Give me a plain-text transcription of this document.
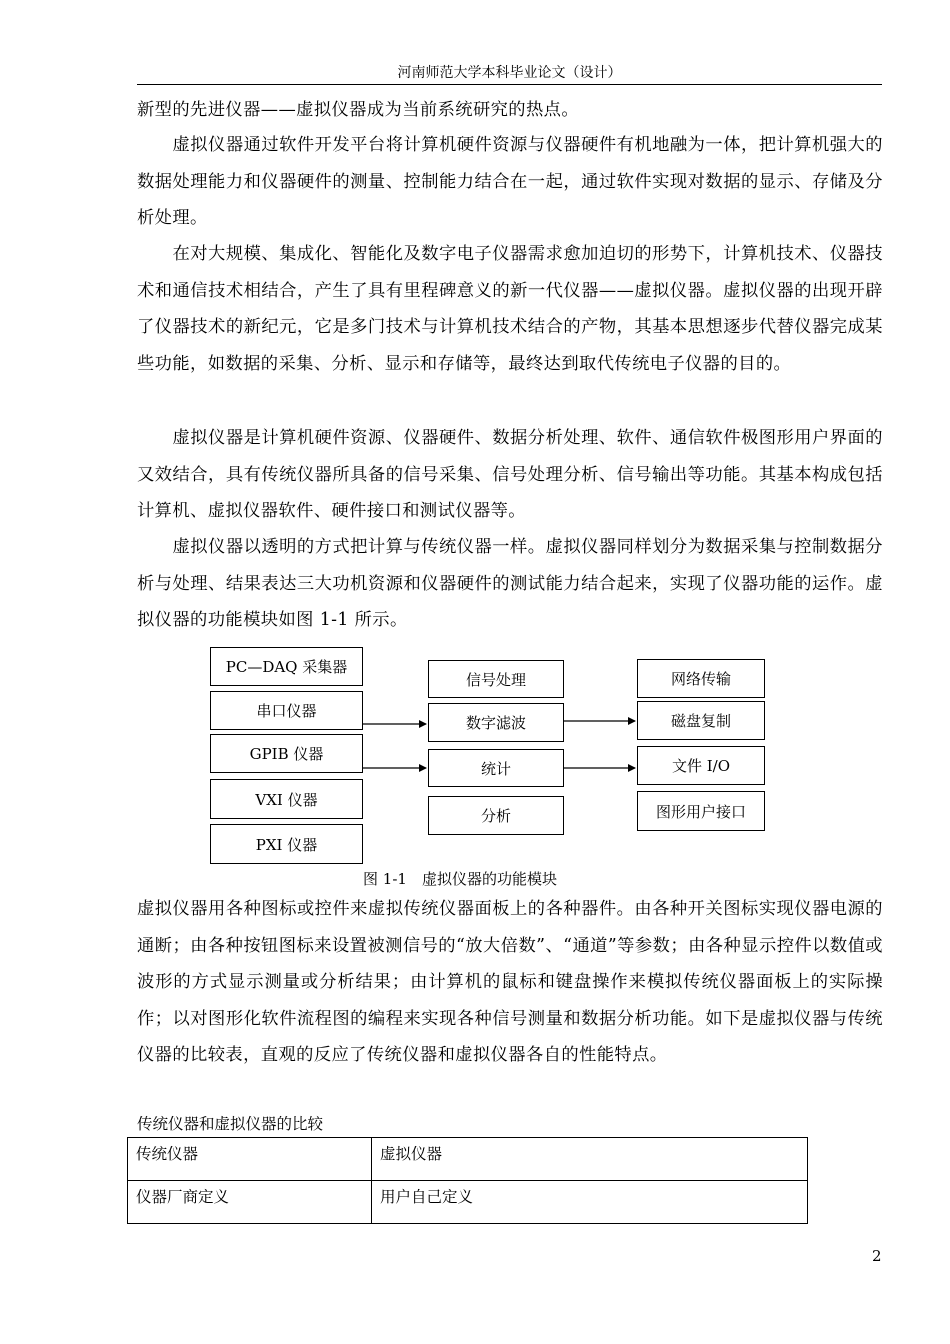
河南师范大学本科毕业论文（设计）

新型的先进仪器——虚拟仪器成为当前系统研究的热点。

　　虚拟仪器通过软件开发平台将计算机硬件资源与仪器硬件有机地融为一体，把计算机强大的数据处理能力和仪器硬件的测量、控制能力结合在一起，通过软件实现对数据的显示、存储及分析处理。

　　在对大规模、集成化、智能化及数字电子仪器需求愈加迫切的形势下，计算机技术、仪器技术和通信技术相结合，产生了具有里程碑意义的新一代仪器——虚拟仪器。虚拟仪器的出现开辟了仪器技术的新纪元，它是多门技术与计算机技术结合的产物，其基本思想逐步代替仪器完成某些功能，如数据的采集、分析、显示和存储等，最终达到取代传统电子仪器的目的。

　　虚拟仪器是计算机硬件资源、仪器硬件、数据分析处理、软件、通信软件极图形用户界面的又效结合，具有传统仪器所具备的信号采集、信号处理分析、信号输出等功能。其基本构成包括计算机、虚拟仪器软件、硬件接口和测试仪器等。

　　虚拟仪器以透明的方式把计算与传统仪器一样。虚拟仪器同样划分为数据采集与控制数据分析与处理、结果表达三大功机资源和仪器硬件的测试能力结合起来，实现了仪器功能的运作。虚拟仪器的功能模块如图 1-1 所示。

PC—DAQ 采集器
串口仪器
GPIB 仪器
VXI 仪器
PXI 仪器
信号处理
数字滤波
统计
分析
网络传输
磁盘复制
文件 I/O
图形用户接口
图 1-1　虚拟仪器的功能模块

虚拟仪器用各种图标或控件来虚拟传统仪器面板上的各种器件。由各种开关图标实现仪器电源的通断；由各种按钮图标来设置被测信号的“放大倍数”、“通道”等参数；由各种显示控件以数值或波形的方式显示测量或分析结果；由计算机的鼠标和键盘操作来模拟传统仪器面板上的实际操作；以对图形化软件流程图的编程来实现各种信号测量和数据分析功能。如下是虚拟仪器与传统仪器的比较表，直观的反应了传统仪器和虚拟仪器各自的性能特点。

传统仪器和虚拟仪器的比较
传统仪器	虚拟仪器
仪器厂商定义	用户自己定义
2
